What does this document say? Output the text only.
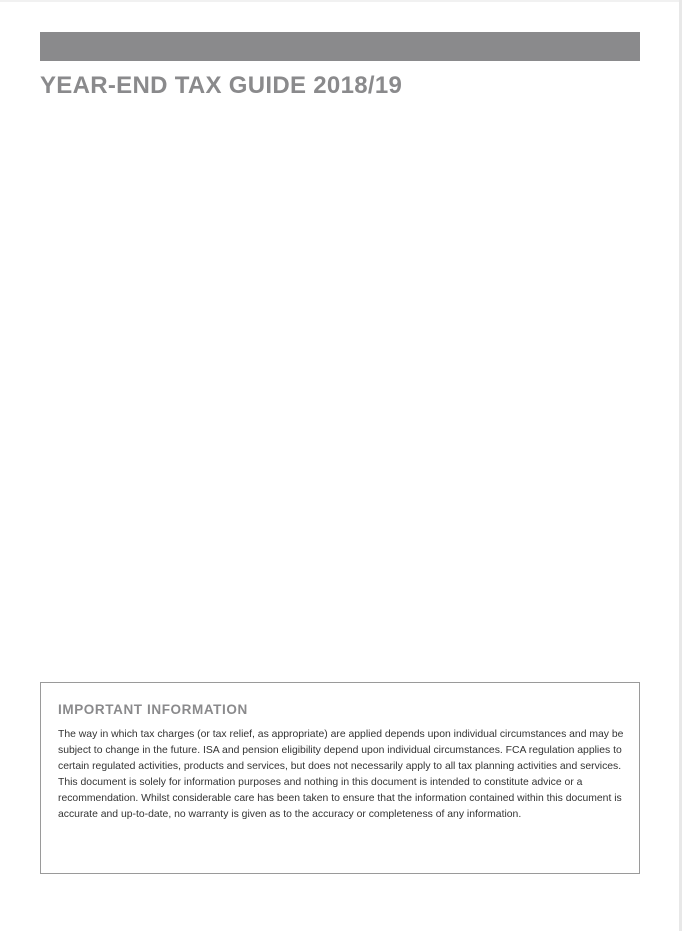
YEAR-END TAX GUIDE 2018/19
IMPORTANT INFORMATION

The way in which tax charges (or tax relief, as appropriate) are applied depends upon individual circumstances and may be subject to change in the future. ISA and pension eligibility depend upon individual circumstances. FCA regulation applies to certain regulated activities, products and services, but does not necessarily apply to all tax planning activities and services. This document is solely for information purposes and nothing in this document is intended to constitute advice or a recommendation. Whilst considerable care has been taken to ensure that the information contained within this document is accurate and up-to-date, no warranty is given as to the accuracy or completeness of any information.
